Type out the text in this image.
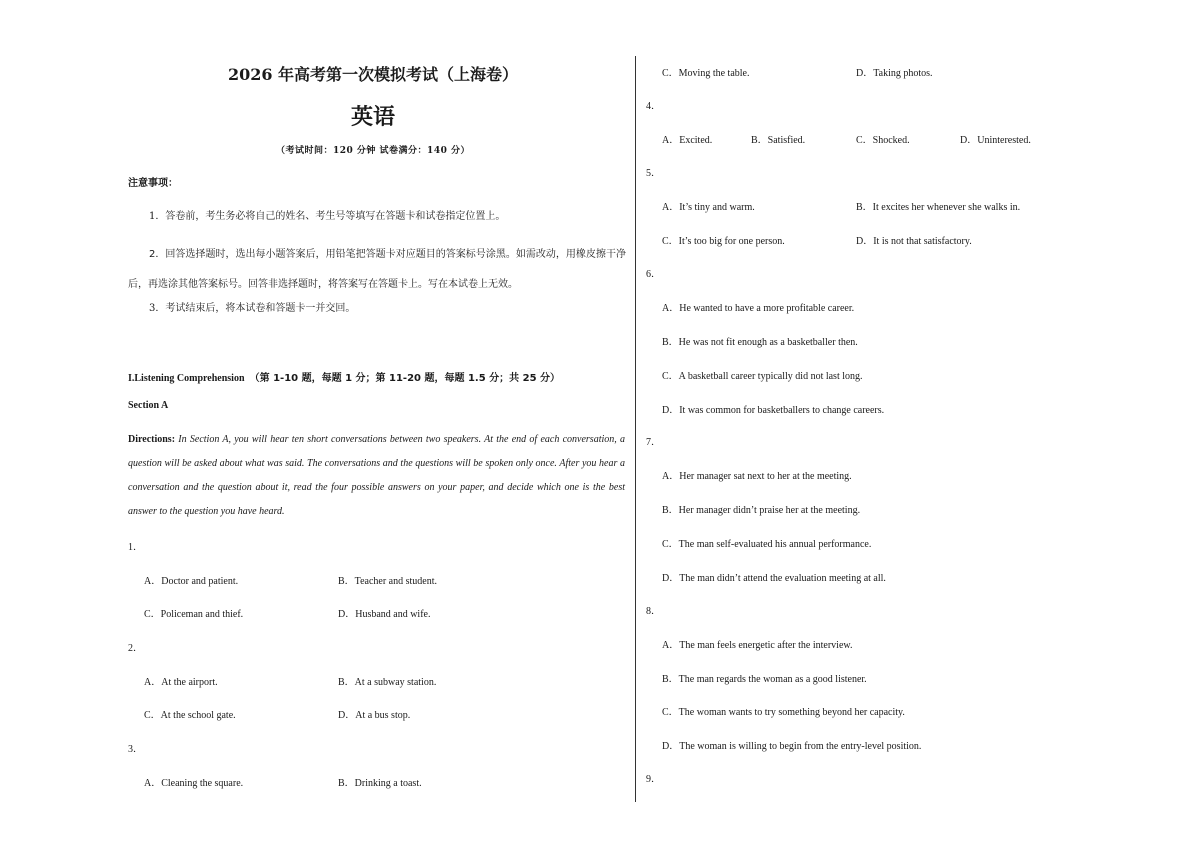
2026 年高考第一次模拟考试（上海卷）
英语
（考试时间：120 分钟 试卷满分：140 分）
注意事项：
1．答卷前，考生务必将自己的姓名、考生号等填写在答题卡和试卷指定位置上。
2．回答选择题时，选出每小题答案后，用铅笔把答题卡对应题目的答案标号涂黑。如需改动，用橡皮擦干净后，再选涂其他答案标号。回答非选择题时，将答案写在答题卡上。写在本试卷上无效。
3．考试结束后，将本试卷和答题卡一并交回。
I.Listening Comprehension （第 1-10 题，每题 1 分；第 11-20 题，每题 1.5 分；共 25 分）
Section A
Directions: In Section A, you will hear ten short conversations between two speakers. At the end of each conversation, a question will be asked about what was said. The conversations and the questions will be spoken only once. After you hear a conversation and the question about it, read the four possible answers on your paper, and decide which one is the best answer to the question you have heard.
1．
A．Doctor and patient.	B．Teacher and student.
C．Policeman and thief.	D．Husband and wife.
2．
A．At the airport.	B．At a subway station.
C．At the school gate.	D．At a bus stop.
3．
A．Cleaning the square.	B．Drinking a toast.
C．Moving the table.	D．Taking photos.
4．
A．Excited.	B．Satisfied.	C．Shocked.	D．Uninterested.
5．
A．It’s tiny and warm.	B．It excites her whenever she walks in.
C．It’s too big for one person.	D．It is not that satisfactory.
6．
A．He wanted to have a more profitable career.
B．He was not fit enough as a basketballer then.
C．A basketball career typically did not last long.
D．It was common for basketballers to change careers.
7．
A．Her manager sat next to her at the meeting.
B．Her manager didn’t praise her at the meeting.
C．The man self-evaluated his annual performance.
D．The man didn’t attend the evaluation meeting at all.
8．
A．The man feels energetic after the interview.
B．The man regards the woman as a good listener.
C．The woman wants to try something beyond her capacity.
D．The woman is willing to begin from the entry-level position.
9．
